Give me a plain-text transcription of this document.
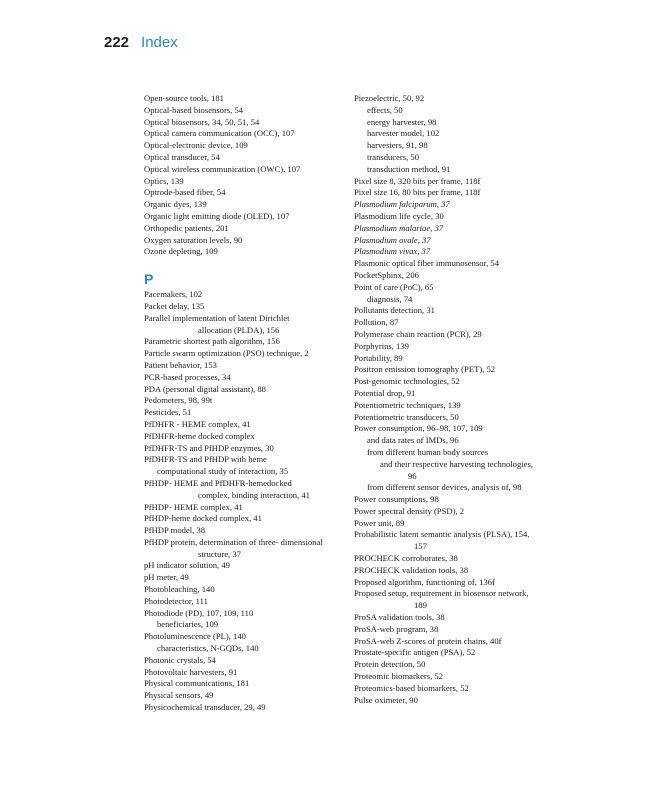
222 Index
Open-source tools, 181
Optical-based biosensors, 54
Optical biosensors, 34, 50, 51, 54
Optical camera communication (OCC), 107
Optical-electronic device, 109
Optical transducer, 54
Optical wireless communication (OWC), 107
Optics, 139
Optrode-based fiber, 54
Organic dyes, 139
Organic light emitting diode (OLED), 107
Orthopedic patients, 201
Oxygen saturation levels, 90
Ozone depleting, 109
P
Pacemakers, 102
Packet delay, 135
Parallel implementation of latent Dirichlet
allocation (PLDA), 156
Parametric shortest path algorithm, 156
Particle swarm optimization (PSO) technique, 2
Patient behavior, 153
PCR-based processes, 34
PDA (personal digital assistant), 88
Pedometers, 98, 99t
Pesticides, 51
PfDHFR - HEME complex, 41
PfDHFR-heme docked complex
PfDHFR-TS and PfHDP enzymes, 30
PfDHFR-TS and PfHDP with heme
computational study of interaction, 35
PfHDP- HEME and PfDHFR-hemedocked
complex, binding interaction, 41
PfHDP- HEME complex, 41
PfHDP-heme docked complex, 41
PfHDP model, 38
PfHDP protein, determination of three- dimensional
structure, 37
pH indicator solution, 49
pH meter, 49
Photobleaching, 140
Photodetector, 111
Photodiode (PD), 107, 109, 110
beneficiaries, 109
Photoluminescence (PL), 140
characteristics, N-GQDs, 140
Photonic crystals, 54
Photovoltaic harvesters, 91
Physical communications, 181
Physical sensors, 49
Physicochemical transducer, 29, 49
Piezoelectric, 50, 92
effects, 50
energy harvester, 98
harvester model, 102
harvesters, 91, 98
transducers, 50
transduction method, 91
Pixel size 8, 320 bits per frame, 118f
Pixel size 16, 80 bits per frame, 118f
Plasmodium falciparum, 37
Plasmodium life cycle, 30
Plasmodium malariae, 37
Plasmodium ovale, 37
Plasmodium vivax, 37
Plasmonic optical fiber immunosensor, 54
PocketSphinx, 206
Point of care (PoC), 65
diagnosis, 74
Pollutants detection, 31
Pollution, 87
Polymerase chain reaction (PCR), 29
Porphyrins, 139
Portability, 89
Positron emission tomography (PET), 52
Post-genomic technologies, 52
Potential drop, 91
Potentiometric techniques, 139
Potentiometric transducers, 50
Power consumption, 96–98, 107, 109
and data rates of IMDs, 96
from different human body sources
and their respective harvesting technologies,
96
from different sensor devices, analysis of, 98
Power consumptions, 98
Power spectral density (PSD), 2
Power unit, 89
Probabilistic latent semantic analysis (PLSA), 154,
157
PROCHECK corroborates, 38
PROCHECK validation tools, 38
Proposed algorithm, functioning of, 136f
Proposed setup, requirement in biosensor network,
189
ProSA validation tools, 38
ProSA-web program, 38
ProSA-web Z-scores of protein chains, 40f
Prostate-specific antigen (PSA), 52
Protein detection, 50
Proteomic biomarkers, 52
Proteomics-based biomarkers, 52
Pulse oximeter, 90
